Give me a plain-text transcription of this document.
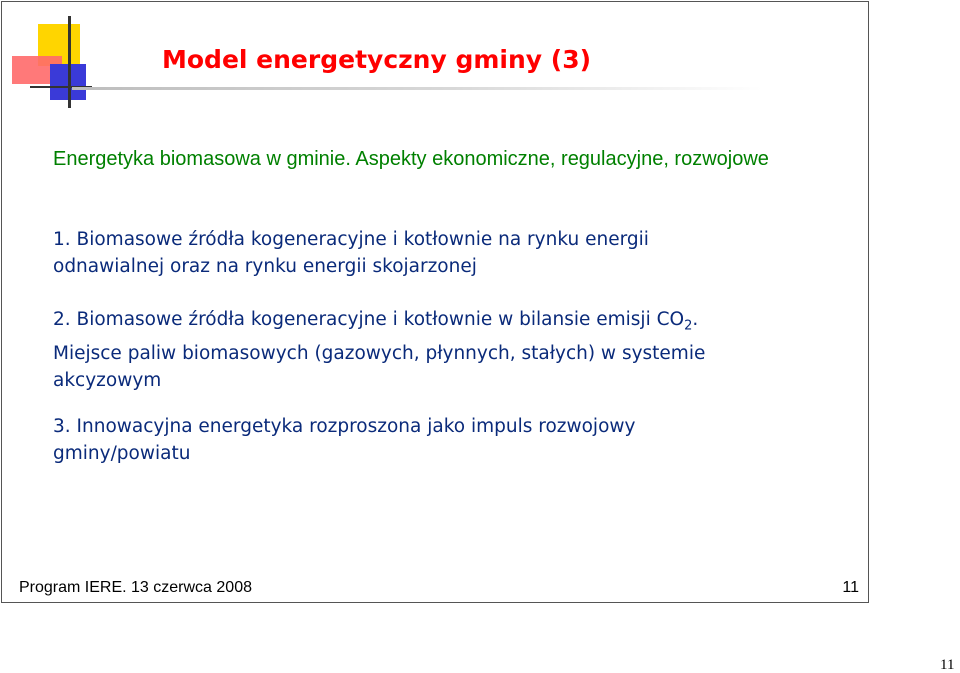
Model energetyczny gminy (3)

Energetyka biomasowa w gminie. Aspekty ekonomiczne, regulacyjne, rozwojowe

1. Biomasowe źródła kogeneracyjne i kotłownie na rynku energii
odnawialnej oraz na rynku energii skojarzonej
2. Biomasowe źródła kogeneracyjne i kotłownie w bilansie emisji $CO_2$.
Miejsce paliw biomasowych (gazowych, płynnych, stałych) w systemie
akcyzowym
3. Innowacyjna energetyka rozproszona jako impuls rozwojowy
gminy/powiatu
Program IERE. 13 czerwca 2008	11
11
